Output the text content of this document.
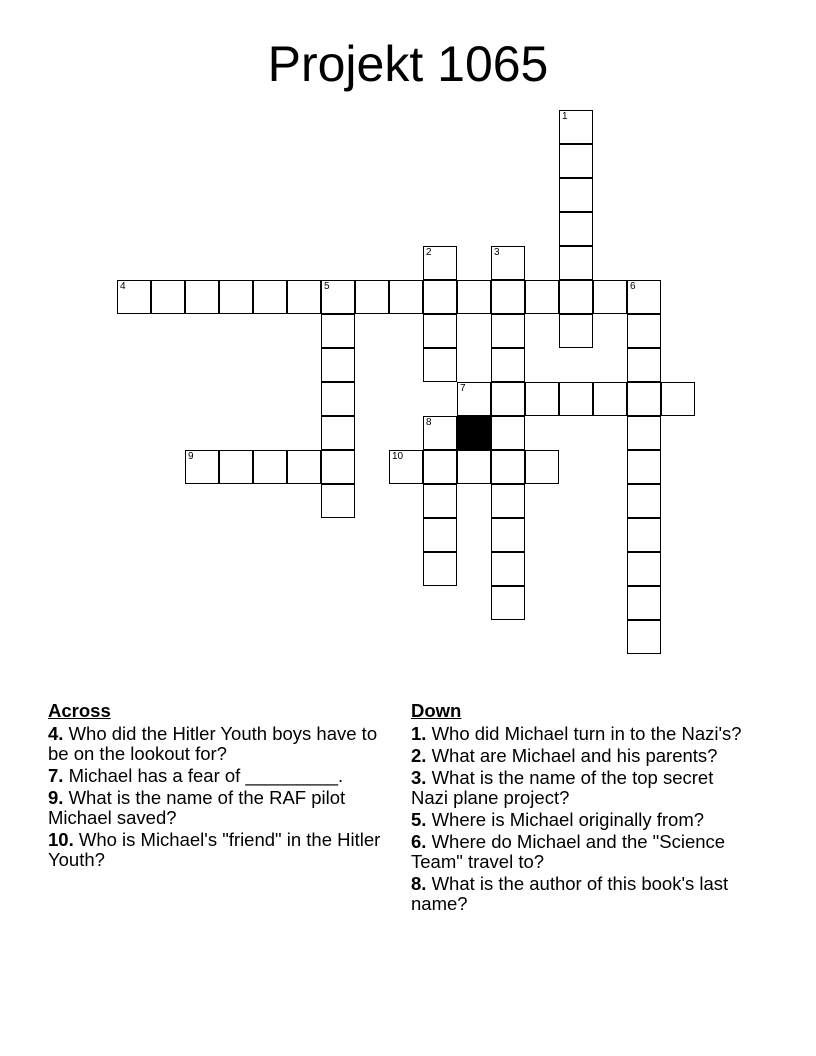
Projekt 1065
1
4	5	6
2	3
7
8
9	10
Across
4. Who did the Hitler Youth boys have to be on the lookout for?
7. Michael has a fear of _________.
9. What is the name of the RAF pilot Michael saved?
10. Who is Michael's "friend" in the Hitler Youth?
Down
1. Who did Michael turn in to the Nazi's?
2. What are Michael and his parents?
3. What is the name of the top secret Nazi plane project?
5. Where is Michael originally from?
6. Where do Michael and the "Science Team" travel to?
8. What is the author of this book's last name?
